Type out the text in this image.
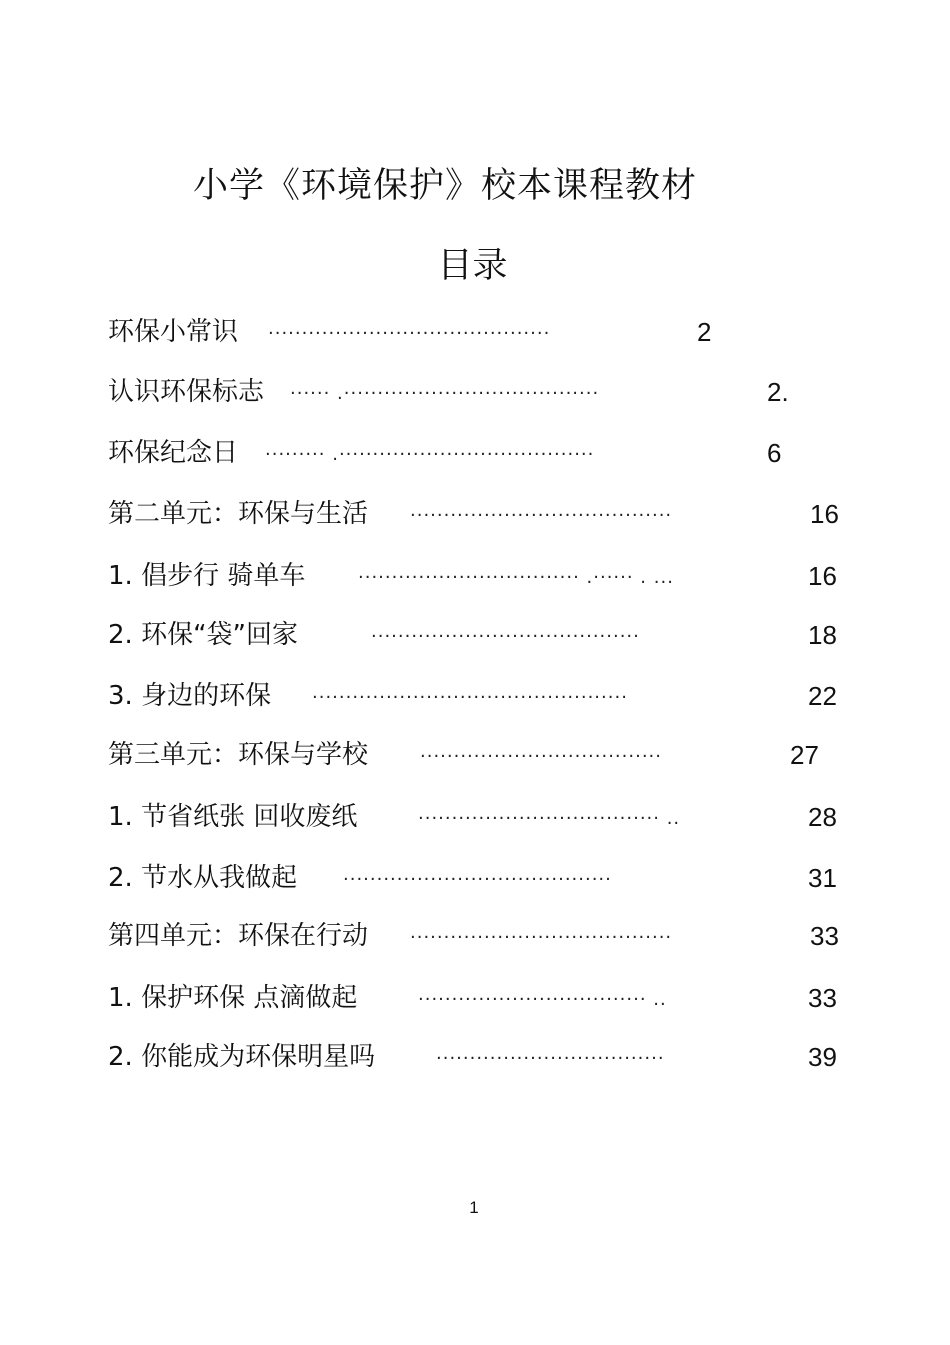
小学《环境保护》校本课程教材
目录
环保小常识 ··········································	2
认识环保标志 ······ .······································	2.
环保纪念日 ········· .······································	6
第二单元：环保与生活 ·······································	16
1. 倡步行 骑单车	································· .······ . ...	16
2. 环保“袋”回家	········································	18
3. 身边的环保 ···············································	22
第三单元：环保与学校	····································	27
1. 节省纸张 回收废纸	···································· ..	28
2. 节水从我做起	········································	31
第四单元：环保在行动 ·······································	33
1. 保护环保 点滴做起	·································· ..	33
2. 你能成为环保明星吗	··································	39
1
